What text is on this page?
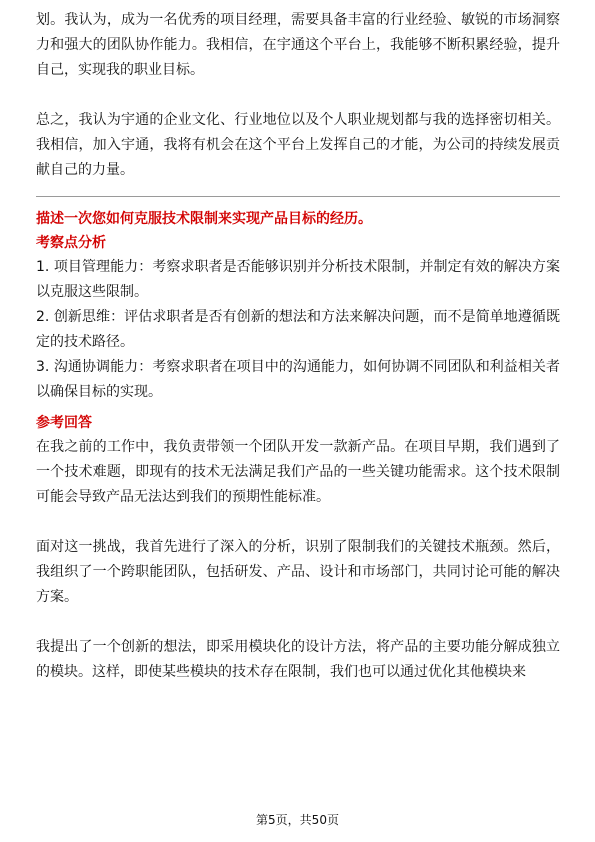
划。我认为，成为一名优秀的项目经理，需要具备丰富的行业经验、敏锐的市场洞察力和强大的团队协作能力。我相信，在宇通这个平台上，我能够不断积累经验，提升自己，实现我的职业目标。

总之，我认为宇通的企业文化、行业地位以及个人职业规划都与我的选择密切相关。我相信，加入宇通，我将有机会在这个平台上发挥自己的才能，为公司的持续发展贡献自己的力量。

描述一次您如何克服技术限制来实现产品目标的经历。

考察点分析

1. 项目管理能力：考察求职者是否能够识别并分析技术限制，并制定有效的解决方案以克服这些限制。

2. 创新思维：评估求职者是否有创新的想法和方法来解决问题，而不是简单地遵循既定的技术路径。

3. 沟通协调能力：考察求职者在项目中的沟通能力，如何协调不同团队和利益相关者以确保目标的实现。

参考回答

在我之前的工作中，我负责带领一个团队开发一款新产品。在项目早期，我们遇到了一个技术难题，即现有的技术无法满足我们产品的一些关键功能需求。这个技术限制可能会导致产品无法达到我们的预期性能标准。

面对这一挑战，我首先进行了深入的分析，识别了限制我们的关键技术瓶颈。然后，我组织了一个跨职能团队，包括研发、产品、设计和市场部门，共同讨论可能的解决方案。

我提出了一个创新的想法，即采用模块化的设计方法，将产品的主要功能分解成独立的模块。这样，即使某些模块的技术存在限制，我们也可以通过优化其他模块来

第5页，共50页
